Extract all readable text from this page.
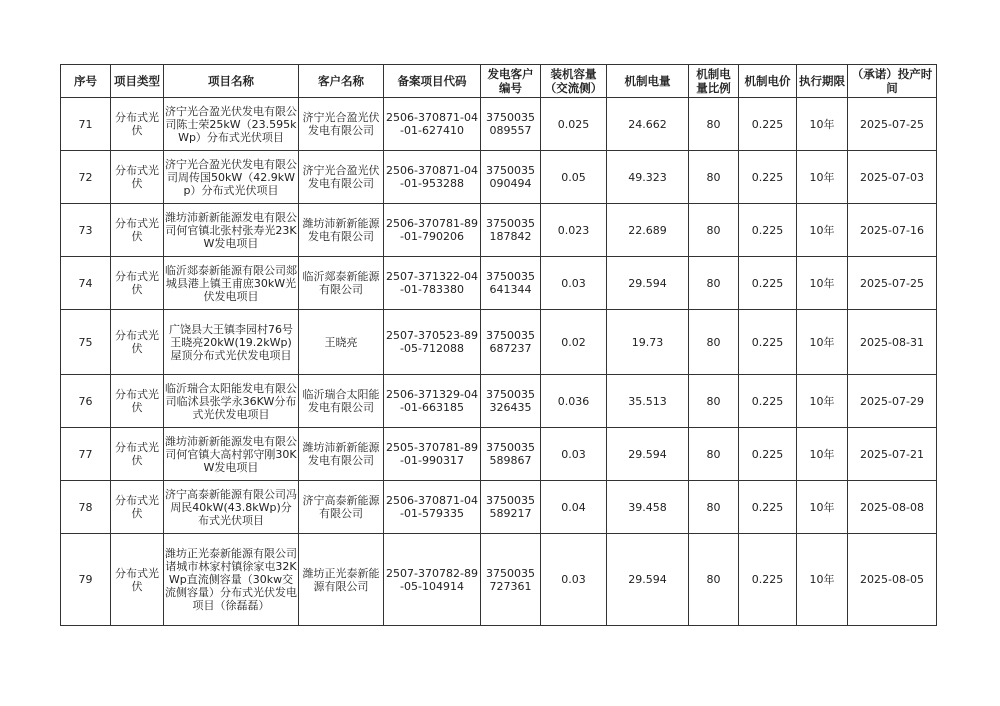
序号	项目类型	项目名称	客户名称	备案项目代码	发电客户编号	装机容量（交流侧）	机制电量	机制电量比例	机制电价	执行期限	（承诺）投产时间
71	分布式光伏	济宁光合盈光伏发电有限公司陈士荣25kW（23.595kWp）分布式光伏项目	济宁光合盈光伏发电有限公司	2506-370871-04-01-627410	3750035089557	0.025	24.662	80	0.225	10年	2025-07-25
72	分布式光伏	济宁光合盈光伏发电有限公司周传国50kW（42.9kWp）分布式光伏项目	济宁光合盈光伏发电有限公司	2506-370871-04-01-953288	3750035090494	0.05	49.323	80	0.225	10年	2025-07-03
73	分布式光伏	潍坊沛新新能源发电有限公司何官镇北张村张寿光23KW发电项目	潍坊沛新新能源发电有限公司	2506-370781-89-01-790206	3750035187842	0.023	22.689	80	0.225	10年	2025-07-16
74	分布式光伏	临沂郯泰新能源有限公司郯城县港上镇王甫庶30kW光伏发电项目	临沂郯泰新能源有限公司	2507-371322-04-01-783380	3750035641344	0.03	29.594	80	0.225	10年	2025-07-25
75	分布式光伏	广饶县大王镇李园村76号王晓亮20kW(19.2kWp)屋顶分布式光伏发电项目	王晓亮	2507-370523-89-05-712088	3750035687237	0.02	19.73	80	0.225	10年	2025-08-31
76	分布式光伏	临沂瑞合太阳能发电有限公司临沭县张学永36KW分布式光伏发电项目	临沂瑞合太阳能发电有限公司	2506-371329-04-01-663185	3750035326435	0.036	35.513	80	0.225	10年	2025-07-29
77	分布式光伏	潍坊沛新新能源发电有限公司何官镇大高村郭守刚30KW发电项目	潍坊沛新新能源发电有限公司	2505-370781-89-01-990317	3750035589867	0.03	29.594	80	0.225	10年	2025-07-21
78	分布式光伏	济宁高泰新能源有限公司冯周民40kW(43.8kWp)分布式光伏项目	济宁高泰新能源有限公司	2506-370871-04-01-579335	3750035589217	0.04	39.458	80	0.225	10年	2025-08-08
79	分布式光伏	潍坊正光泰新能源有限公司诸城市林家村镇徐家屯32KWp直流侧容量（30kw交流侧容量）分布式光伏发电项目（徐磊磊）	潍坊正光泰新能源有限公司	2507-370782-89-05-104914	3750035727361	0.03	29.594	80	0.225	10年	2025-08-05
